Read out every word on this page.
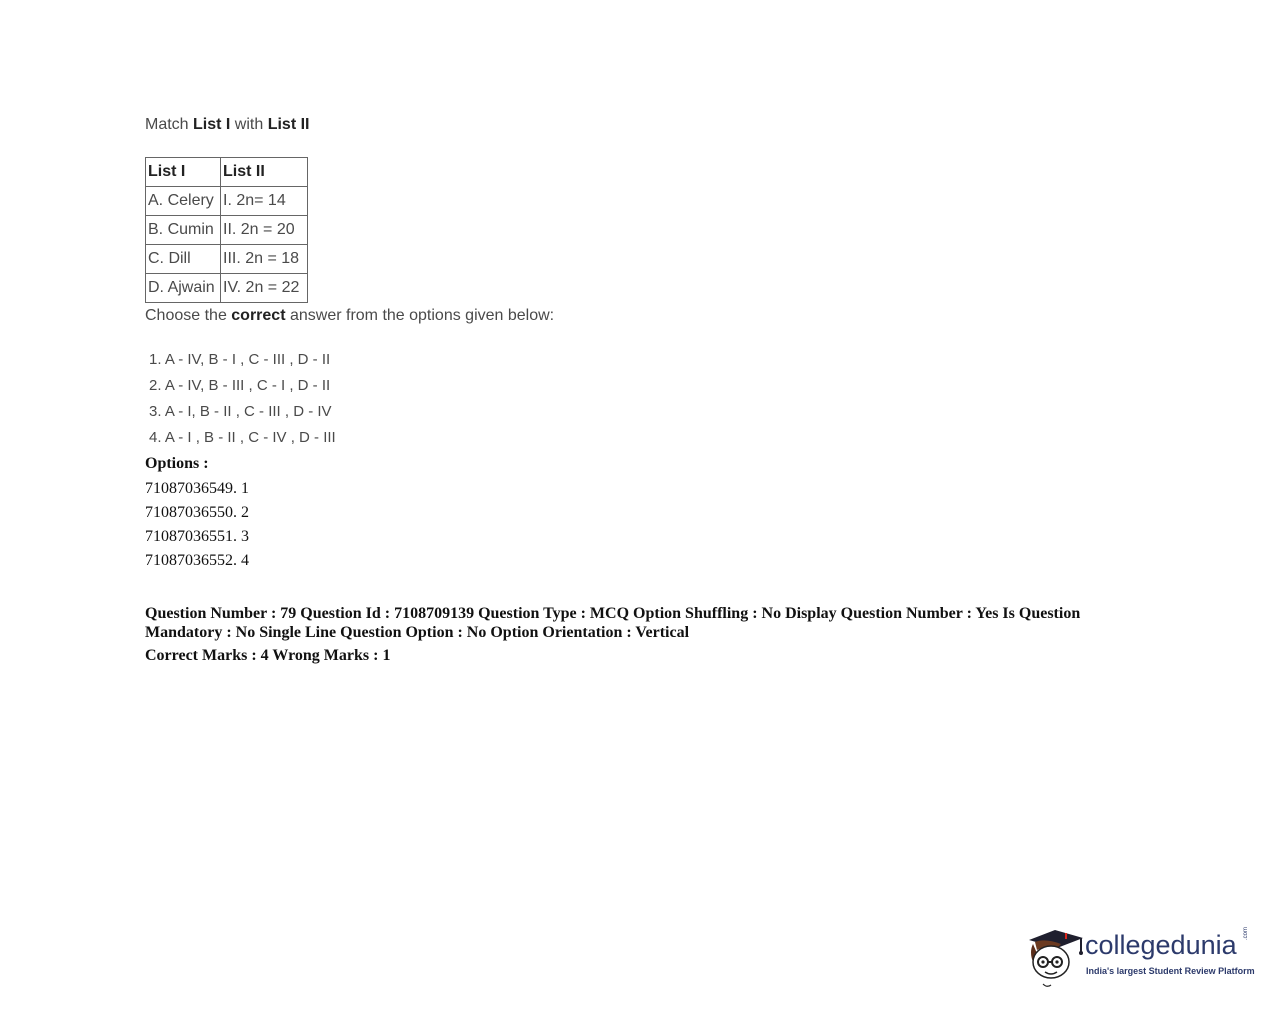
Match List I with List II
List I	List II
A. Celery	I. 2n= 14
B. Cumin	II. 2n = 20
C. Dill	III. 2n = 18
D. Ajwain	IV. 2n = 22
Choose the correct answer from the options given below:
1. A - IV, B - I , C - III , D - II
2. A - IV, B - III , C - I , D - II
3. A - I, B - II , C - III , D - IV
4. A - I , B - II , C - IV , D - III
Options :
71087036549. 1
71087036550. 2
71087036551. 3
71087036552. 4
Question Number : 79 Question Id : 7108709139 Question Type : MCQ Option Shuffling : No Display Question Number : Yes Is Question Mandatory : No Single Line Question Option : No Option Orientation : Vertical
Correct Marks : 4 Wrong Marks : 1
collegedunia .com
India's largest Student Review Platform
